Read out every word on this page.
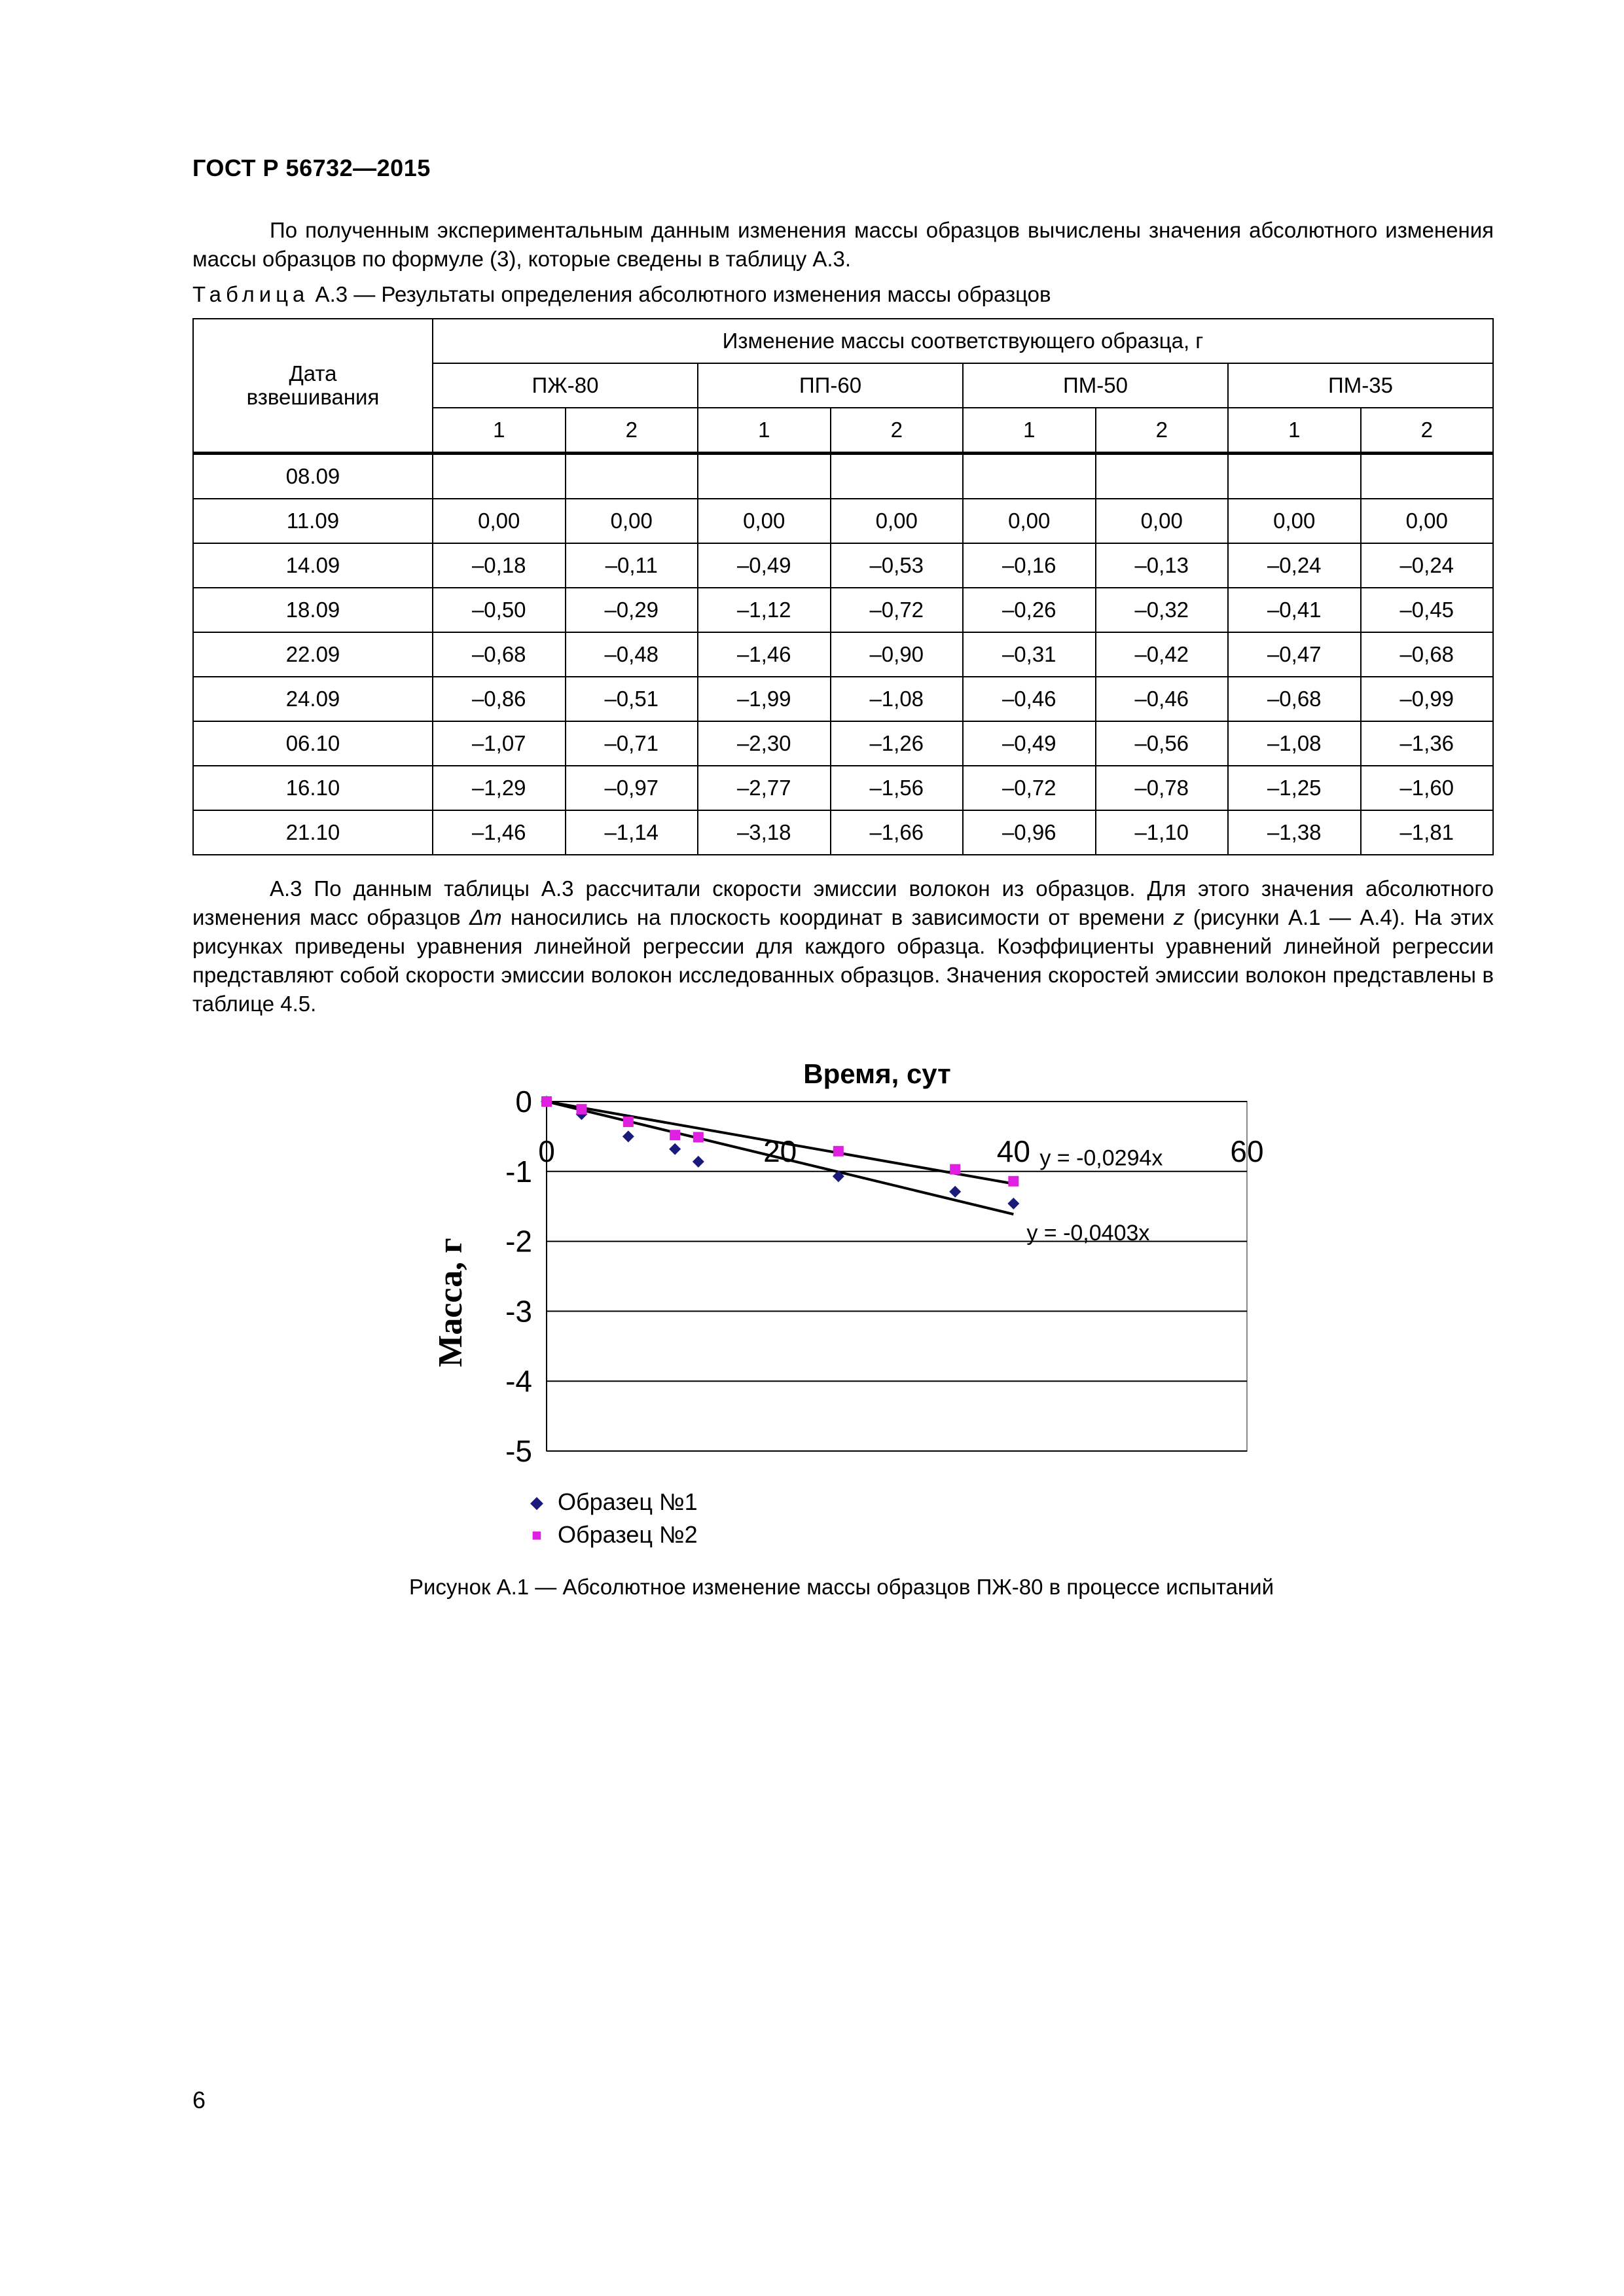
ГОСТ Р 56732—2015
По полученным экспериментальным данным изменения массы образцов вычислены значения абсолютного изменения массы образцов по формуле (3), которые сведены в таблицу А.3.
Таблица А.3 — Результаты определения абсолютного изменения массы образцов
Дата взвешивания	Изменение массы соответствующего образца, г							
	ПЖ-80		ПП-60		ПМ-50		ПМ-35	
	1	2	1	2	1	2	1	2
08.09								
11.09	0,00	0,00	0,00	0,00	0,00	0,00	0,00	0,00
14.09	–0,18	–0,11	–0,49	–0,53	–0,16	–0,13	–0,24	–0,24
18.09	–0,50	–0,29	–1,12	–0,72	–0,26	–0,32	–0,41	–0,45
22.09	–0,68	–0,48	–1,46	–0,90	–0,31	–0,42	–0,47	–0,68
24.09	–0,86	–0,51	–1,99	–1,08	–0,46	–0,46	–0,68	–0,99
06.10	–1,07	–0,71	–2,30	–1,26	–0,49	–0,56	–1,08	–1,36
16.10	–1,29	–0,97	–2,77	–1,56	–0,72	–0,78	–1,25	–1,60
21.10	–1,46	–1,14	–3,18	–1,66	–0,96	–1,10	–1,38	–1,81
А.3 По данным таблицы А.3 рассчитали скорости эмиссии волокон из образцов. Для этого значения абсолютного изменения масс образцов Δm наносились на плоскость координат в зависимости от времени z (рисунки А.1 — А.4). На этих рисунках приведены уравнения линейной регрессии для каждого образца. Коэффициенты уравнений линейной регрессии представляют собой скорости эмиссии волокон исследованных образцов. Значения скоростей эмиссии волокон представлены в таблице 4.5.
0
-1
-2
-3
-4
-5
0	20	40	60
Время, сут
Масса, г
y = -0,0403x
y = -0,0294x
◆ Образец №1
■ Образец №2
Рисунок А.1 — Абсолютное изменение массы образцов ПЖ-80 в процессе испытаний
6
